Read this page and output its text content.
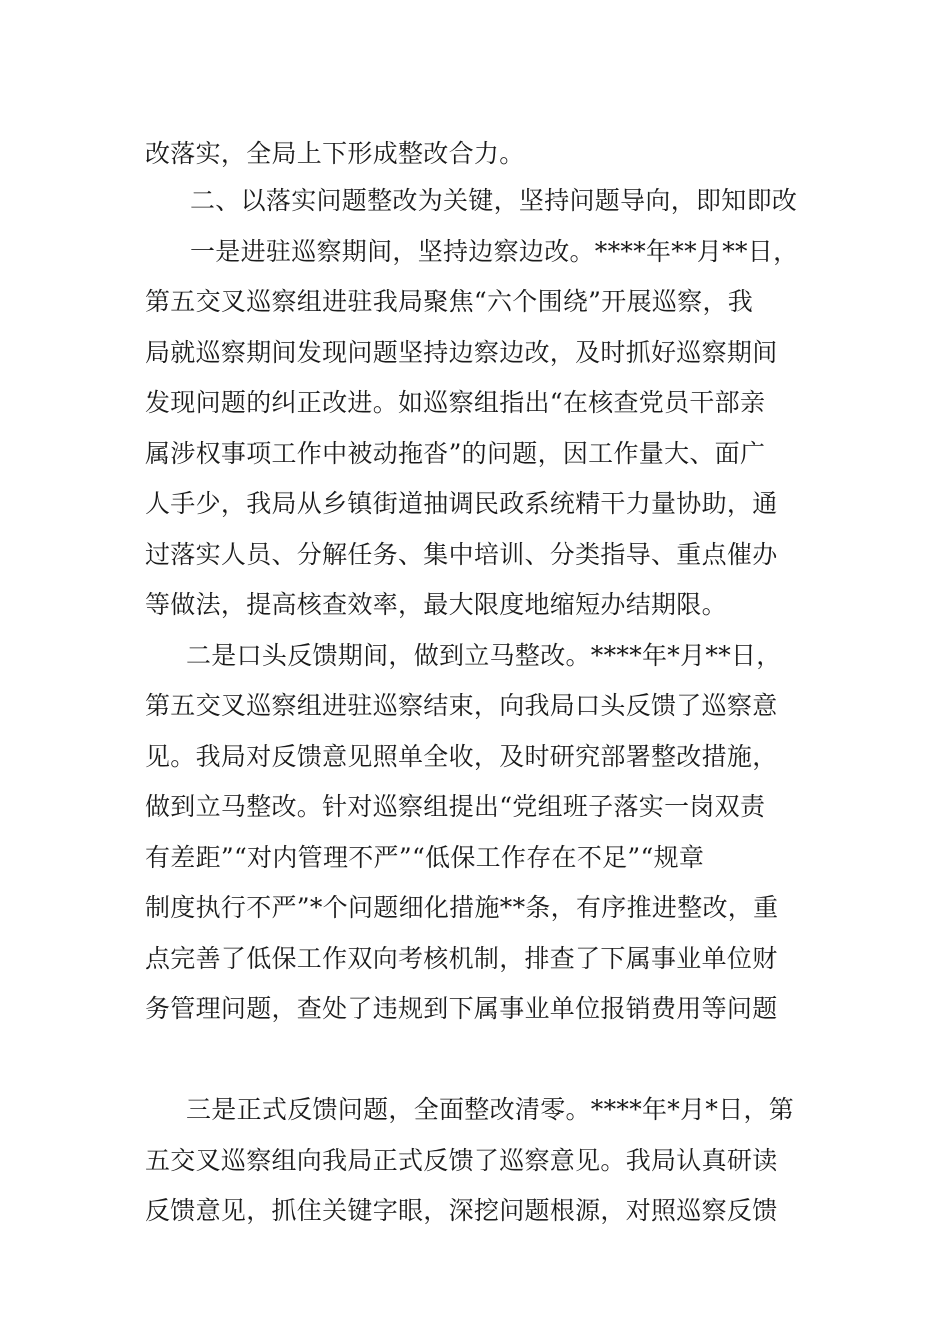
改落实，全局上下形成整改合力。
二、以落实问题整改为关键，坚持问题导向，即知即改
一是进驻巡察期间，坚持边察边改。****年**月**日，
第五交叉巡察组进驻我局聚焦“六个围绕”开展巡察，我
局就巡察期间发现问题坚持边察边改，及时抓好巡察期间
发现问题的纠正改进。如巡察组指出“在核查党员干部亲
属涉权事项工作中被动拖沓”的问题，因工作量大、面广
人手少，我局从乡镇街道抽调民政系统精干力量协助，通
过落实人员、分解任务、集中培训、分类指导、重点催办
等做法，提高核查效率，最大限度地缩短办结期限。
二是口头反馈期间，做到立马整改。****年*月**日，
第五交叉巡察组进驻巡察结束，向我局口头反馈了巡察意
见。我局对反馈意见照单全收，及时研究部署整改措施，
做到立马整改。针对巡察组提出“党组班子落实一岗双责
有差距”“对内管理不严”“低保工作存在不足”“规章
制度执行不严”*个问题细化措施**条，有序推进整改，重
点完善了低保工作双向考核机制，排查了下属事业单位财
务管理问题，查处了违规到下属事业单位报销费用等问题
三是正式反馈问题，全面整改清零。****年*月*日，第
五交叉巡察组向我局正式反馈了巡察意见。我局认真研读
反馈意见，抓住关键字眼，深挖问题根源，对照巡察反馈
